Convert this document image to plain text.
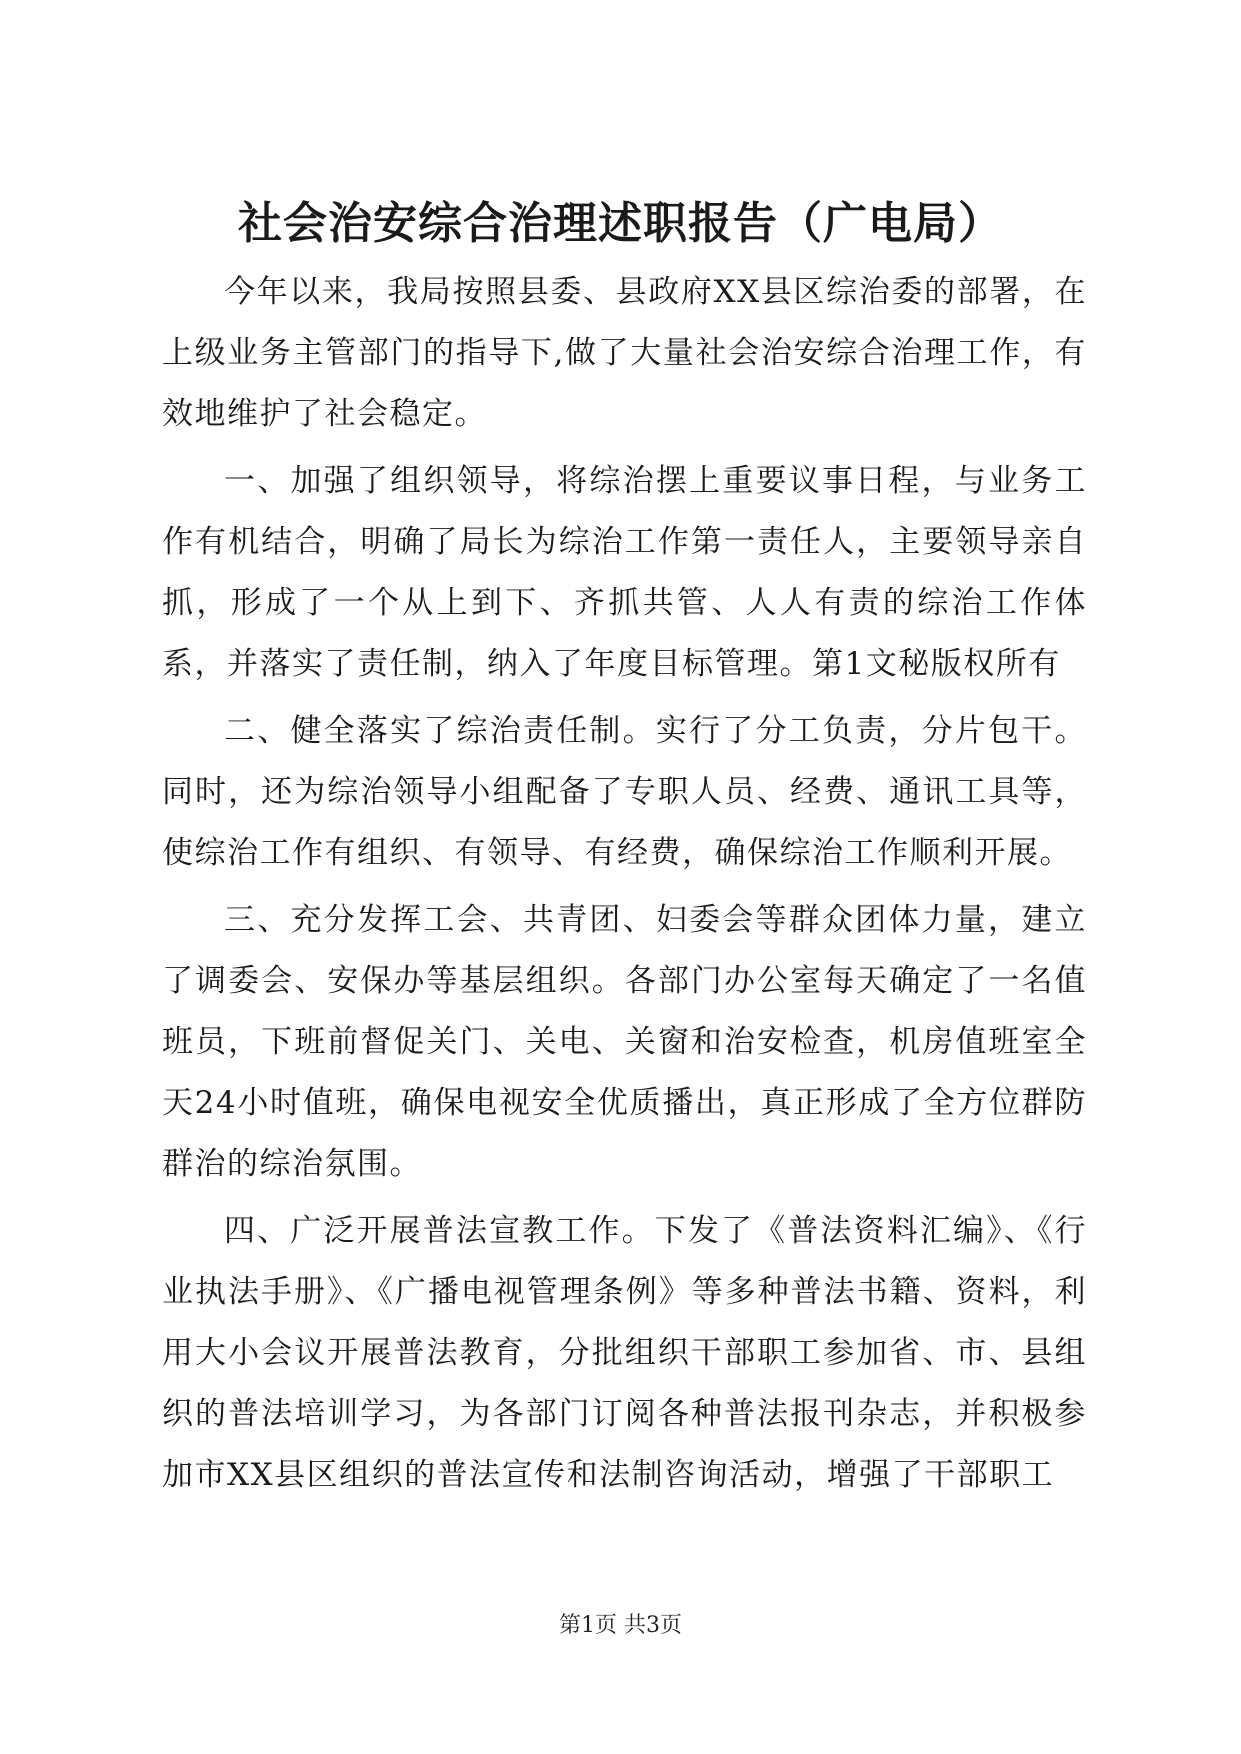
社会治安综合治理述职报告（广电局）

今年以来，我局按照县委、县政府XX县区综治委的部署，在上级业务主管部门的指导下,做了大量社会治安综合治理工作，有效地维护了社会稳定。

一、加强了组织领导，将综治摆上重要议事日程，与业务工作有机结合，明确了局长为综治工作第一责任人，主要领导亲自抓，形成了一个从上到下、齐抓共管、人人有责的综治工作体系，并落实了责任制，纳入了年度目标管理。第1文秘版权所有

二、健全落实了综治责任制。实行了分工负责，分片包干。同时，还为综治领导小组配备了专职人员、经费、通讯工具等，使综治工作有组织、有领导、有经费，确保综治工作顺利开展。

三、充分发挥工会、共青团、妇委会等群众团体力量，建立了调委会、安保办等基层组织。各部门办公室每天确定了一名值班员，下班前督促关门、关电、关窗和治安检查，机房值班室全天24小时值班，确保电视安全优质播出，真正形成了全方位群防群治的综治氛围。

四、广泛开展普法宣教工作。下发了《普法资料汇编》、《行业执法手册》、《广播电视管理条例》等多种普法书籍、资料，利用大小会议开展普法教育，分批组织干部职工参加省、市、县组织的普法培训学习，为各部门订阅各种普法报刊杂志，并积极参加市XX县区组织的普法宣传和法制咨询活动，增强了干部职工

第1页 共3页
